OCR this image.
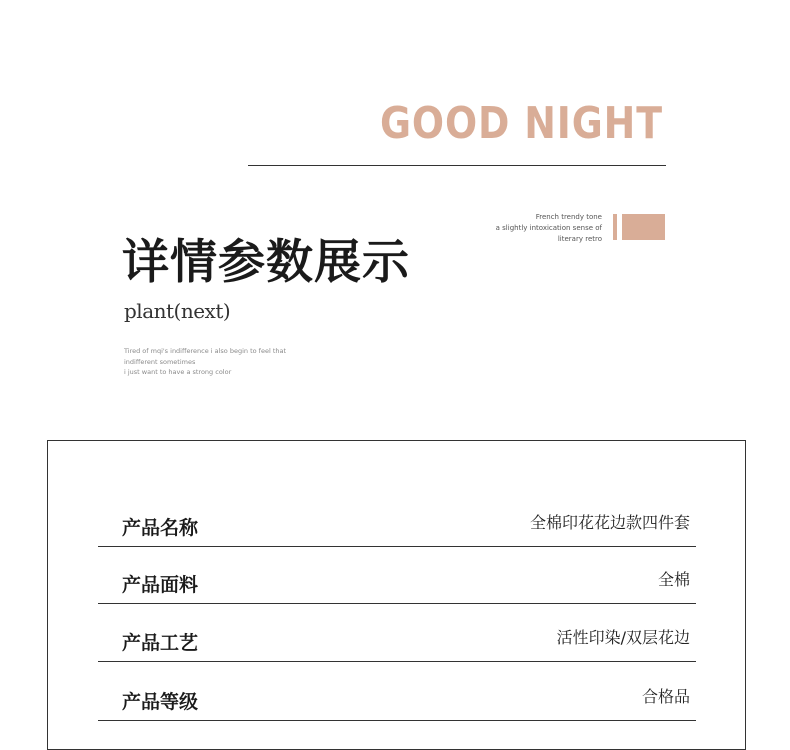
GOOD NIGHT
French trendy tone
a slightly intoxication sense of
literary retro
详情参数展示
plant(next)
Tired of mqi's indifference i also begin to feel that
indifferent sometimes
i just want to have a strong color
产品名称	全棉印花花边款四件套
产品面料	全棉
产品工艺	活性印染/双层花边
产品等级	合格品
